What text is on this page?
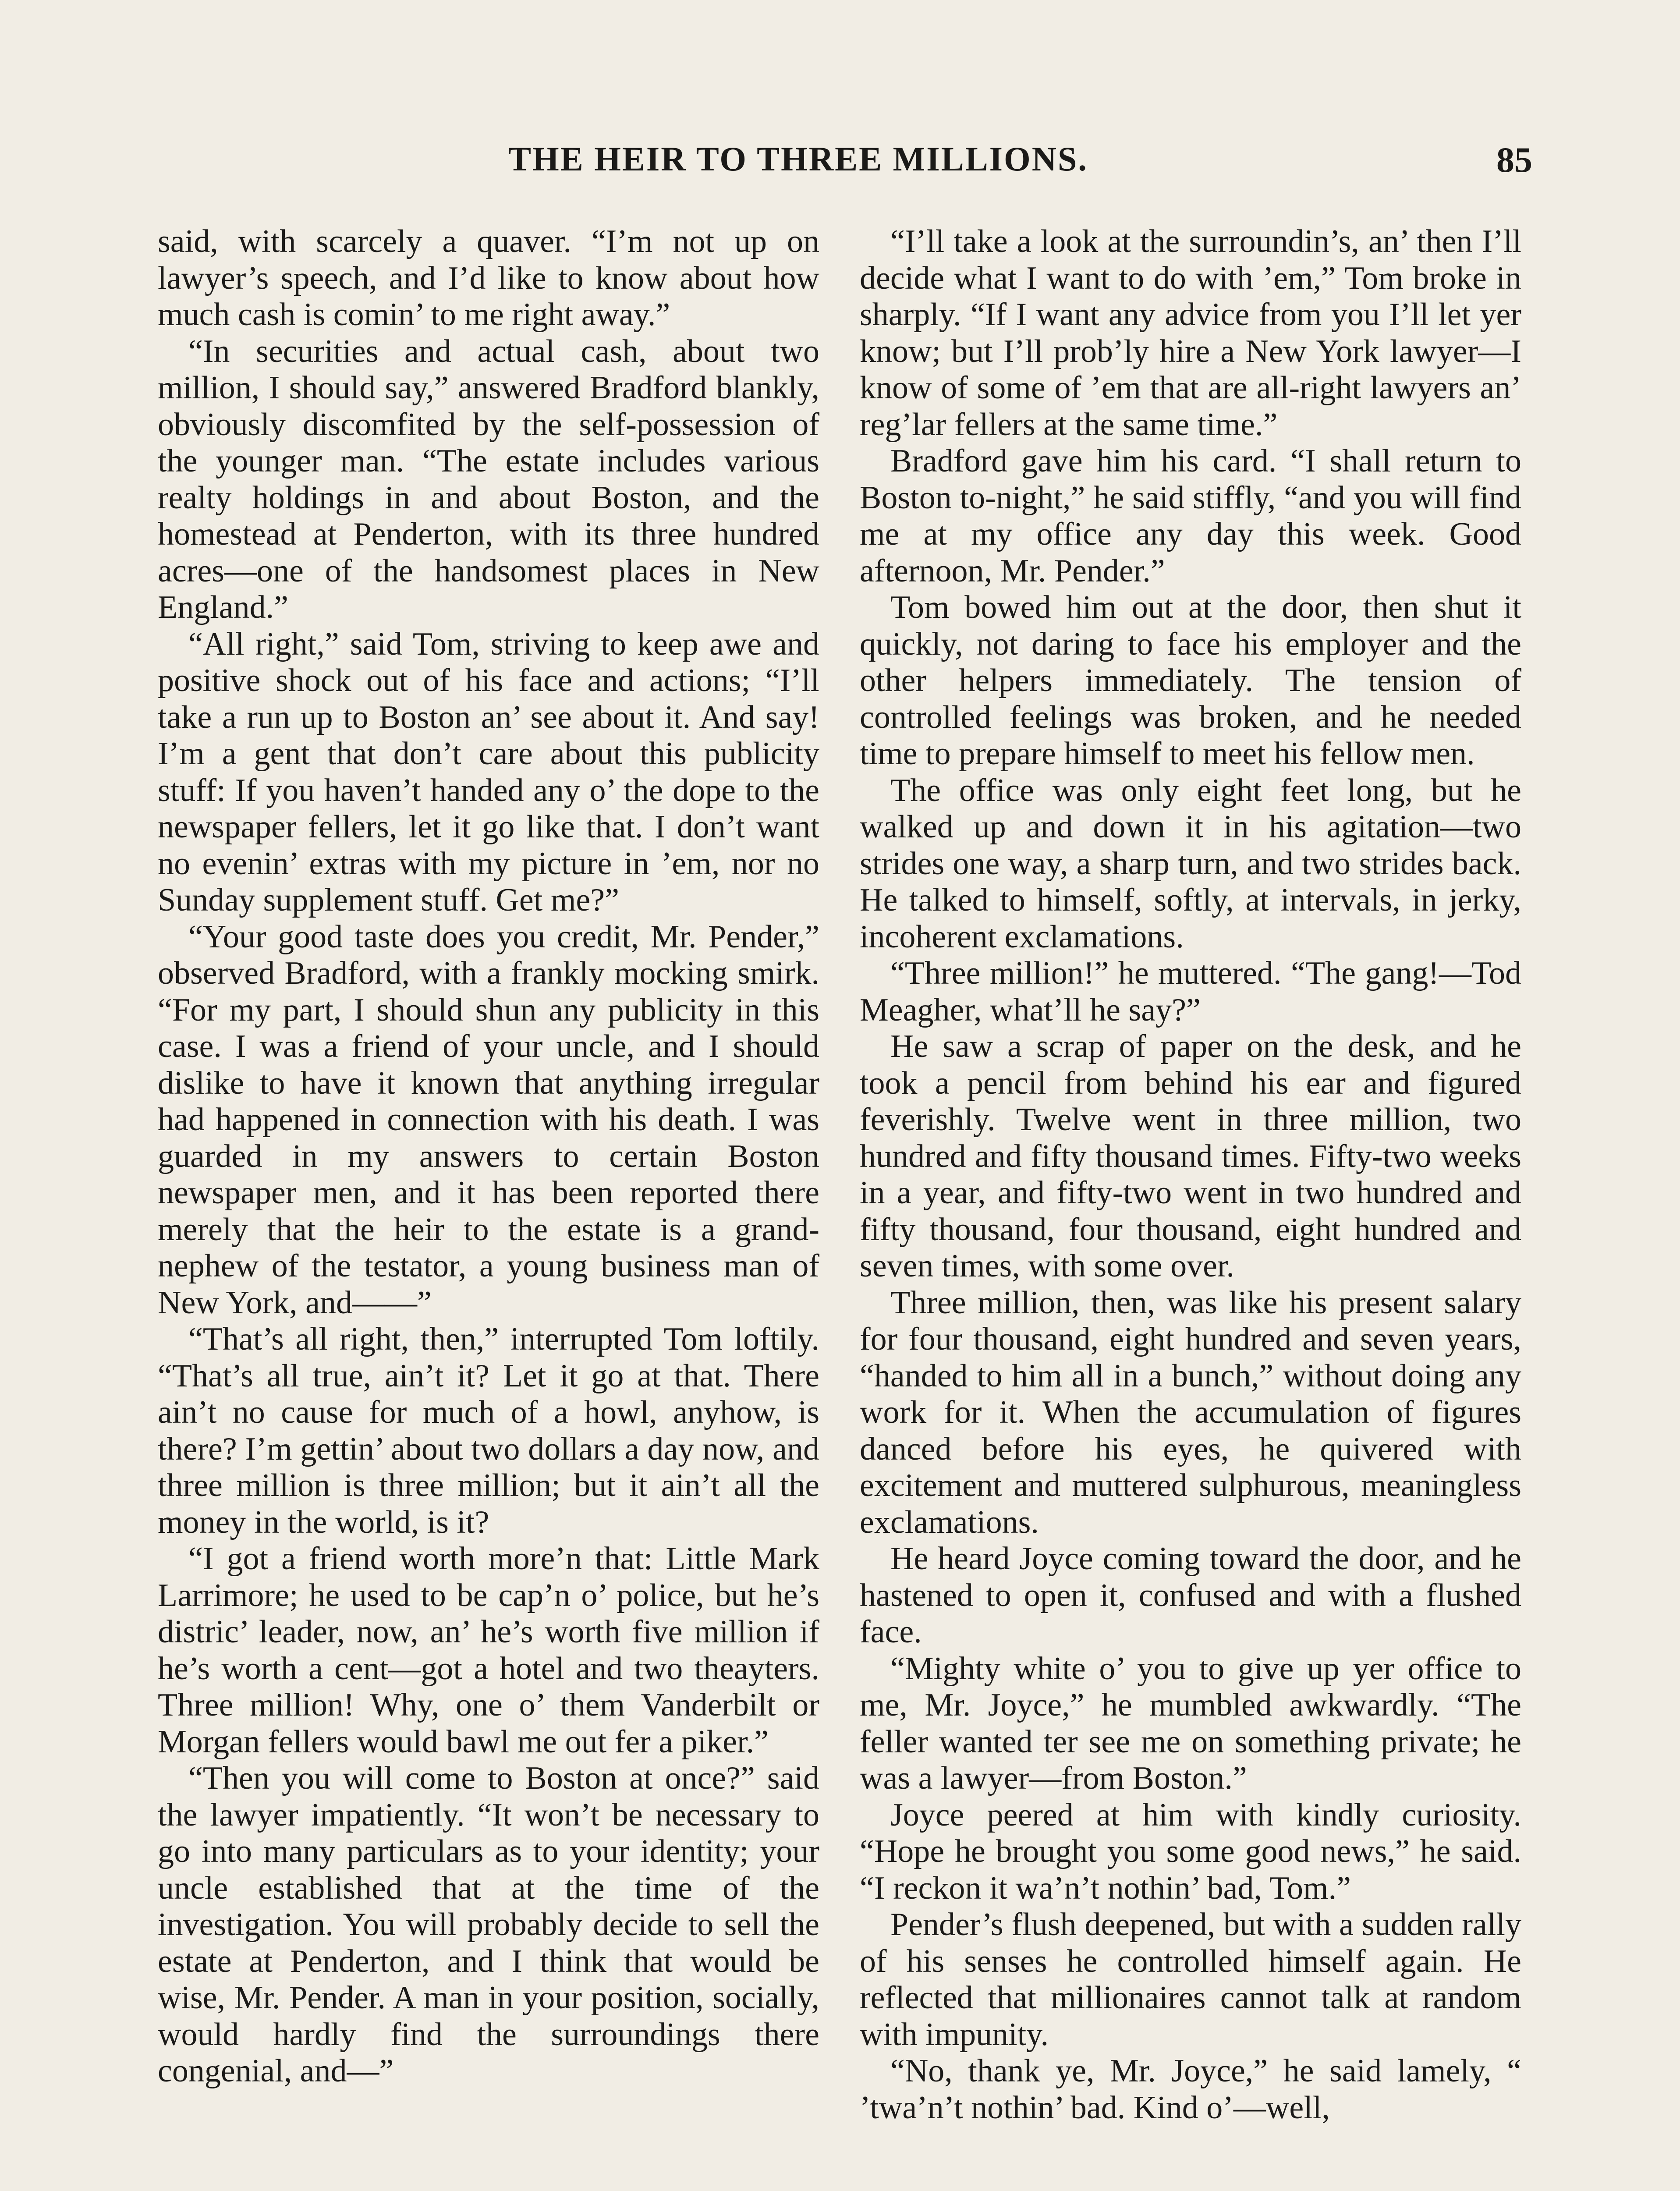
THE HEIR TO THREE MILLIONS.	85

said, with scarcely a quaver. “I’m not up on lawyer’s speech, and I’d like to know about how much cash is comin’ to me right away.”

“In securities and actual cash, about two million, I should say,” answered Bradford blankly, obviously discomfited by the self-possession of the younger man. “The estate includes various realty holdings in and about Boston, and the homestead at Penderton, with its three hundred acres—one of the handsomest places in New England.”

“All right,” said Tom, striving to keep awe and positive shock out of his face and actions; “I’ll take a run up to Boston an’ see about it. And say! I’m a gent that don’t care about this publicity stuff: If you haven’t handed any o’ the dope to the newspaper fellers, let it go like that. I don’t want no evenin’ extras with my picture in ’em, nor no Sunday supplement stuff. Get me?”

“Your good taste does you credit, Mr. Pender,” observed Bradford, with a frankly mocking smirk. “For my part, I should shun any publicity in this case. I was a friend of your uncle, and I should dislike to have it known that anything irregular had happened in connection with his death. I was guarded in my answers to certain Boston newspaper men, and it has been reported there merely that the heir to the estate is a grand-nephew of the testator, a young business man of New York, and——”

“That’s all right, then,” interrupted Tom loftily. “That’s all true, ain’t it? Let it go at that. There ain’t no cause for much of a howl, anyhow, is there? I’m gettin’ about two dollars a day now, and three million is three million; but it ain’t all the money in the world, is it?

“I got a friend worth more’n that: Little Mark Larrimore; he used to be cap’n o’ police, but he’s distric’ leader, now, an’ he’s worth five million if he’s worth a cent—got a hotel and two theayters. Three million! Why, one o’ them Vanderbilt or Morgan fellers would bawl me out fer a piker.”

“Then you will come to Boston at once?” said the lawyer impatiently. “It won’t be necessary to go into many particulars as to your identity; your uncle established that at the time of the investigation. You will probably decide to sell the estate at Penderton, and I think that would be wise, Mr. Pender. A man in your position, socially, would hardly find the surroundings there congenial, and—”

“I’ll take a look at the surroundin’s, an’ then I’ll decide what I want to do with ’em,” Tom broke in sharply. “If I want any advice from you I’ll let yer know; but I’ll prob’ly hire a New York lawyer—I know of some of ’em that are all-right lawyers an’ reg’lar fellers at the same time.”

Bradford gave him his card. “I shall return to Boston to-night,” he said stiffly, “and you will find me at my office any day this week. Good afternoon, Mr. Pender.”

Tom bowed him out at the door, then shut it quickly, not daring to face his employer and the other helpers immediately. The tension of controlled feelings was broken, and he needed time to prepare himself to meet his fellow men.

The office was only eight feet long, but he walked up and down it in his agitation—two strides one way, a sharp turn, and two strides back. He talked to himself, softly, at intervals, in jerky, incoherent exclamations.

“Three million!” he muttered. “The gang!—Tod Meagher, what’ll he say?”

He saw a scrap of paper on the desk, and he took a pencil from behind his ear and figured feverishly. Twelve went in three million, two hundred and fifty thousand times. Fifty-two weeks in a year, and fifty-two went in two hundred and fifty thousand, four thousand, eight hundred and seven times, with some over.

Three million, then, was like his present salary for four thousand, eight hundred and seven years, “handed to him all in a bunch,” without doing any work for it. When the accumulation of figures danced before his eyes, he quivered with excitement and muttered sulphurous, meaningless exclamations.

He heard Joyce coming toward the door, and he hastened to open it, confused and with a flushed face.

“Mighty white o’ you to give up yer office to me, Mr. Joyce,” he mumbled awkwardly. “The feller wanted ter see me on something private; he was a lawyer—from Boston.”

Joyce peered at him with kindly curiosity. “Hope he brought you some good news,” he said. “I reckon it wa’n’t nothin’ bad, Tom.”

Pender’s flush deepened, but with a sudden rally of his senses he controlled himself again. He reflected that millionaires cannot talk at random with impunity.

“No, thank ye, Mr. Joyce,” he said lamely, “ ’twa’n’t nothin’ bad. Kind o’—well,
